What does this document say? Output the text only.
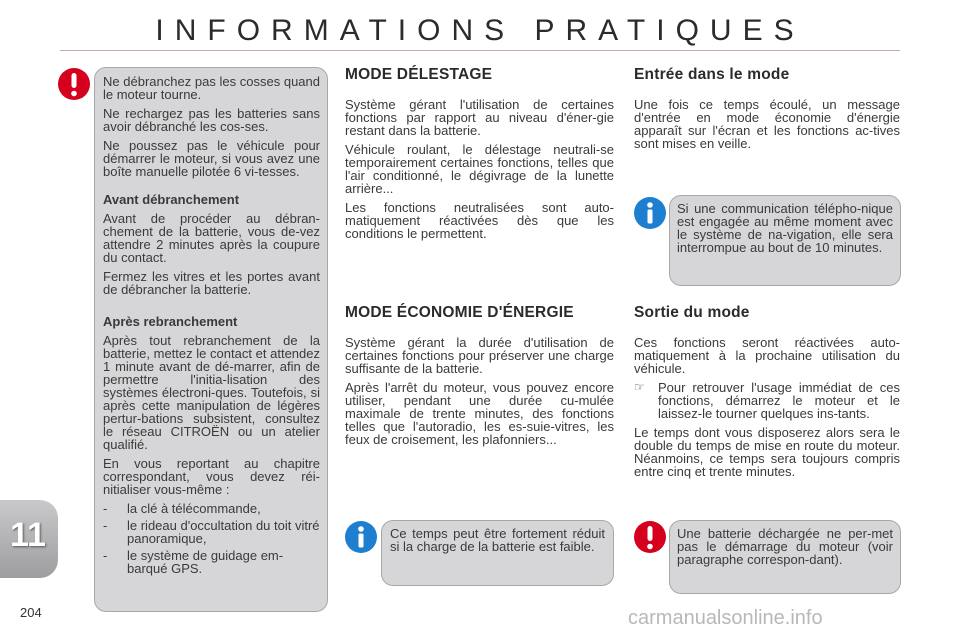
INFORMATIONS PRATIQUES

Ne débranchez pas les cosses quand le moteur tourne.

Ne rechargez pas les batteries sans avoir débranché les cos-ses.

Ne poussez pas le véhicule pour démarrer le moteur, si vous avez une boîte manuelle pilotée 6 vi-tesses.

Avant débranchement

Avant de procéder au débran-chement de la batterie, vous de-vez attendre 2 minutes après la coupure du contact.

Fermez les vitres et les portes avant de débrancher la batterie.

Après rebranchement

Après tout rebranchement de la batterie, mettez le contact et attendez 1 minute avant de dé-marrer, afin de permettre l'initia-lisation des systèmes électroni-ques. Toutefois, si après cette manipulation de légères pertur-bations subsistent, consultez le réseau CITROËN ou un atelier qualifié.

En vous reportant au chapitre correspondant, vous devez réi-nitialiser vous-même :

-	la clé à télécommande,
-	le rideau d'occultation du toit vitré panoramique,
-	le système de guidage em-barqué GPS.
MODE DÉLESTAGE

Système gérant l'utilisation de certaines fonctions par rapport au niveau d'éner-gie restant dans la batterie.

Véhicule roulant, le délestage neutrali-se temporairement certaines fonctions, telles que l'air conditionné, le dégivrage de la lunette arrière...

Les fonctions neutralisées sont auto-matiquement réactivées dès que les conditions le permettent.

MODE ÉCONOMIE D'ÉNERGIE

Système gérant la durée d'utilisation de certaines fonctions pour préserver une charge suffisante de la batterie.

Après l'arrêt du moteur, vous pouvez encore utiliser, pendant une durée cu-mulée maximale de trente minutes, des fonctions telles que l'autoradio, les es-suie-vitres, les feux de croisement, les plafonniers...

Ce temps peut être fortement réduit si la charge de la batterie est faible.

Entrée dans le mode

Une fois ce temps écoulé, un message d'entrée en mode économie d'énergie apparaît sur l'écran et les fonctions ac-tives sont mises en veille.

Si une communication télépho-nique est engagée au même moment avec le système de na-vigation, elle sera interrompue au bout de 10 minutes.

Sortie du mode

Ces fonctions seront réactivées auto-matiquement à la prochaine utilisation du véhicule.

☞	Pour retrouver l'usage immédiat de ces fonctions, démarrez le moteur et le laissez-le tourner quelques ins-tants.

Le temps dont vous disposerez alors sera le double du temps de mise en route du moteur. Néanmoins, ce temps sera toujours compris entre cinq et trente minutes.

Une batterie déchargée ne per-met pas le démarrage du moteur (voir paragraphe correspon-dant).

11
204	carmanualsonline.info
